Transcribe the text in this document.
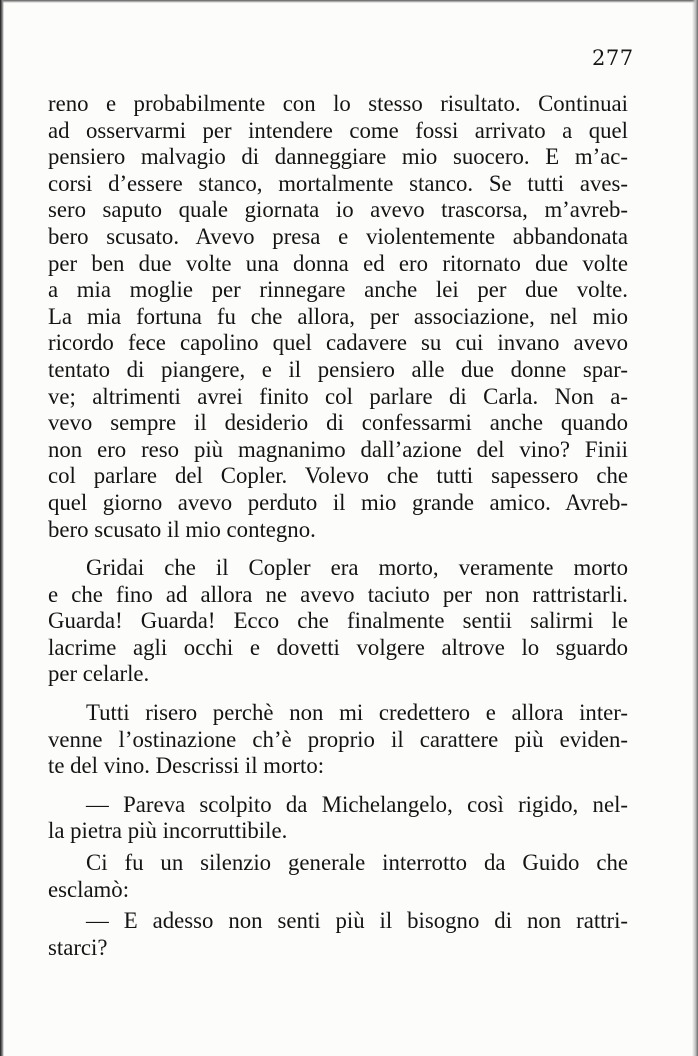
277
reno e probabilmente con lo stesso risultato. Continuai
ad osservarmi per intendere come fossi arrivato a quel
pensiero malvagio di danneggiare mio suocero. E m’ac-
corsi d’essere stanco, mortalmente stanco. Se tutti aves-
sero saputo quale giornata io avevo trascorsa, m’avreb-
bero scusato. Avevo presa e violentemente abbandonata
per ben due volte una donna ed ero ritornato due volte
a mia moglie per rinnegare anche lei per due volte.
La mia fortuna fu che allora, per associazione, nel mio
ricordo fece capolino quel cadavere su cui invano avevo
tentato di piangere, e il pensiero alle due donne spar-
ve; altrimenti avrei finito col parlare di Carla. Non a-
vevo sempre il desiderio di confessarmi anche quando
non ero reso più magnanimo dall’azione del vino? Finii
col parlare del Copler. Volevo che tutti sapessero che
quel giorno avevo perduto il mio grande amico. Avreb-
bero scusato il mio contegno.
Gridai che il Copler era morto, veramente morto
e che fino ad allora ne avevo taciuto per non rattristarli.
Guarda! Guarda! Ecco che finalmente sentii salirmi le
lacrime agli occhi e dovetti volgere altrove lo sguardo
per celarle.
Tutti risero perchè non mi credettero e allora inter-
venne l’ostinazione ch’è proprio il carattere più eviden-
te del vino. Descrissi il morto:
— Pareva scolpito da Michelangelo, così rigido, nel-
la pietra più incorruttibile.
Ci fu un silenzio generale interrotto da Guido che
esclamò:
— E adesso non senti più il bisogno di non rattri-
starci?
